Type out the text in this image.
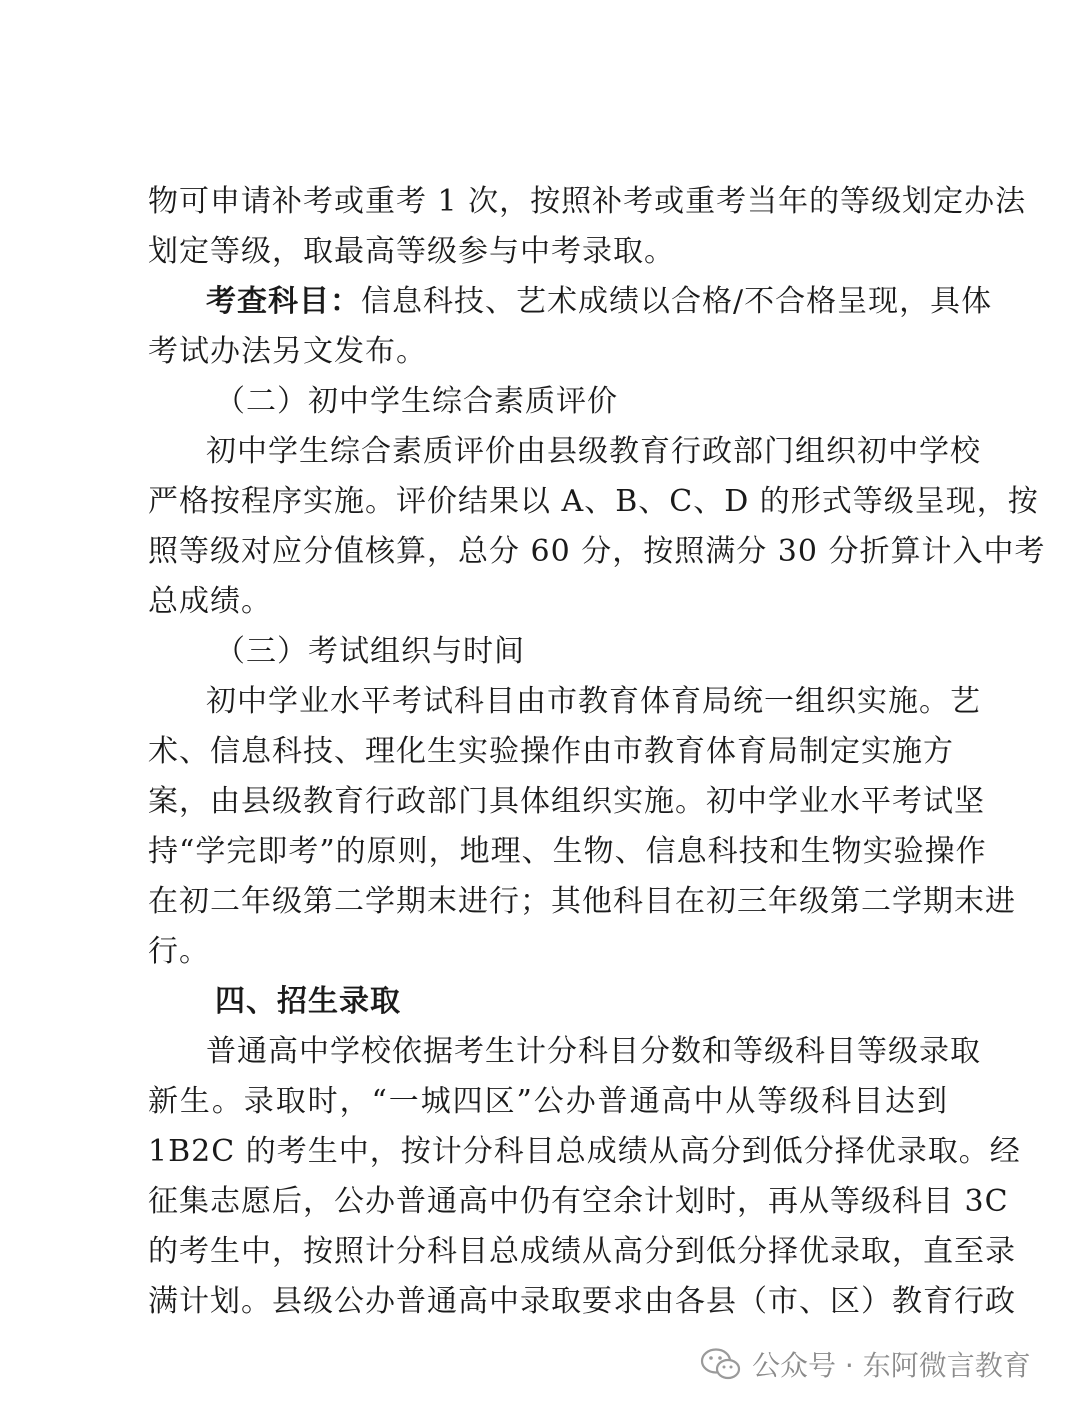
物可申请补考或重考 1 次，按照补考或重考当年的等级划定办法
划定等级，取最高等级参与中考录取。
考查科目：信息科技、艺术成绩以合格/不合格呈现，具体
考试办法另文发布。
（二）初中学生综合素质评价
初中学生综合素质评价由县级教育行政部门组织初中学校
严格按程序实施。评价结果以 A、B、C、D 的形式等级呈现，按
照等级对应分值核算，总分 60 分，按照满分 30 分折算计入中考
总成绩。
（三）考试组织与时间
初中学业水平考试科目由市教育体育局统一组织实施。艺
术、信息科技、理化生实验操作由市教育体育局制定实施方
案，由县级教育行政部门具体组织实施。初中学业水平考试坚
持“学完即考”的原则，地理、生物、信息科技和生物实验操作
在初二年级第二学期末进行；其他科目在初三年级第二学期末进
行。
四、招生录取
普通高中学校依据考生计分科目分数和等级科目等级录取
新生。录取时，“一城四区”公办普通高中从等级科目达到
1B2C 的考生中，按计分科目总成绩从高分到低分择优录取。经
征集志愿后，公办普通高中仍有空余计划时，再从等级科目 3C
的考生中，按照计分科目总成绩从高分到低分择优录取，直至录
满计划。县级公办普通高中录取要求由各县（市、区）教育行政
公众号 · 东阿微言教育
